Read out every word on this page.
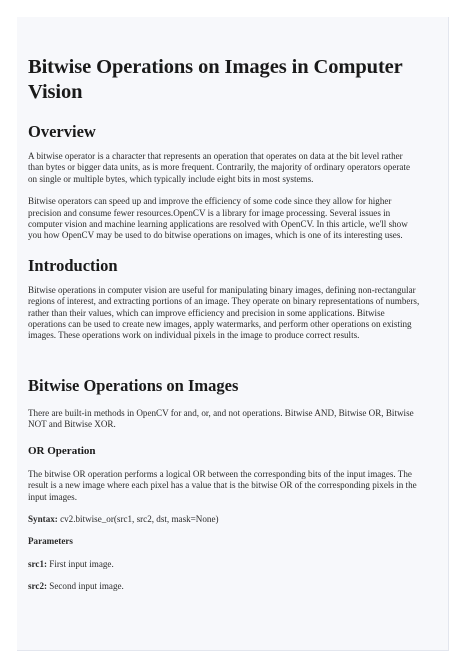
Bitwise Operations on Images in Computer Vision
Overview

A bitwise operator is a character that represents an operation that operates on data at the bit level rather than bytes or bigger data units, as is more frequent. Contrarily, the majority of ordinary operators operate on single or multiple bytes, which typically include eight bits in most systems.

Bitwise operators can speed up and improve the efficiency of some code since they allow for higher precision and consume fewer resources.OpenCV is a library for image processing. Several issues in computer vision and machine learning applications are resolved with OpenCV. In this article, we'll show you how OpenCV may be used to do bitwise operations on images, which is one of its interesting uses.

Introduction

Bitwise operations in computer vision are useful for manipulating binary images, defining non-rectangular regions of interest, and extracting portions of an image. They operate on binary representations of numbers, rather than their values, which can improve efficiency and precision in some applications. Bitwise operations can be used to create new images, apply watermarks, and perform other operations on existing images. These operations work on individual pixels in the image to produce correct results.

Bitwise Operations on Images

There are built-in methods in OpenCV for and, or, and not operations. Bitwise AND, Bitwise OR, Bitwise NOT and Bitwise XOR.

OR Operation

The bitwise OR operation performs a logical OR between the corresponding bits of the input images. The result is a new image where each pixel has a value that is the bitwise OR of the corresponding pixels in the input images.

Syntax: cv2.bitwise_or(src1, src2, dst, mask=None)

Parameters

src1: First input image.

src2: Second input image.
